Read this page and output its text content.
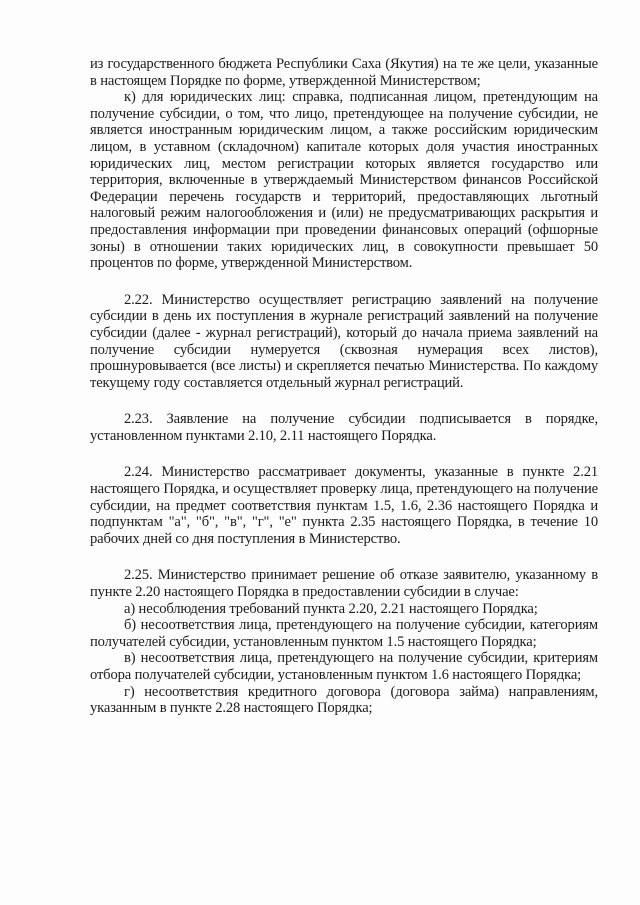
из государственного бюджета Республики Саха (Якутия) на те же цели, указанные в настоящем Порядке по форме, утвержденной Министерством;

к) для юридических лиц: справка, подписанная лицом, претендующим на получение субсидии, о том, что лицо, претендующее на получение субсидии, не является иностранным юридическим лицом, а также российским юридическим лицом, в уставном (складочном) капитале которых доля участия иностранных юридических лиц, местом регистрации которых является государство или территория, включенные в утверждаемый Министерством финансов Российской Федерации перечень государств и территорий, предоставляющих льготный налоговый режим налогообложения и (или) не предусматривающих раскрытия и предоставления информации при проведении финансовых операций (офшорные зоны) в отношении таких юридических лиц, в совокупности превышает 50 процентов по форме, утвержденной Министерством.

2.22. Министерство осуществляет регистрацию заявлений на получение субсидии в день их поступления в журнале регистраций заявлений на получение субсидии (далее - журнал регистраций), который до начала приема заявлений на получение субсидии нумеруется (сквозная нумерация всех листов), прошнуровывается (все листы) и скрепляется печатью Министерства. По каждому текущему году составляется отдельный журнал регистраций.

2.23. Заявление на получение субсидии подписывается в порядке, установленном пунктами 2.10, 2.11 настоящего Порядка.

2.24. Министерство рассматривает документы, указанные в пункте 2.21 настоящего Порядка, и осуществляет проверку лица, претендующего на получение субсидии, на предмет соответствия пунктам 1.5, 1.6, 2.36 настоящего Порядка и подпунктам "а", "б", "в", "г", "е" пункта 2.35 настоящего Порядка, в течение 10 рабочих дней со дня поступления в Министерство.

2.25. Министерство принимает решение об отказе заявителю, указанному в пункте 2.20 настоящего Порядка в предоставлении субсидии в случае:

а) несоблюдения требований пункта 2.20, 2.21 настоящего Порядка;

б) несоответствия лица, претендующего на получение субсидии, категориям получателей субсидии, установленным пунктом 1.5 настоящего Порядка;

в) несоответствия лица, претендующего на получение субсидии, критериям отбора получателей субсидии, установленным пунктом 1.6 настоящего Порядка;

г) несоответствия кредитного договора (договора займа) направлениям, указанным в пункте 2.28 настоящего Порядка;
